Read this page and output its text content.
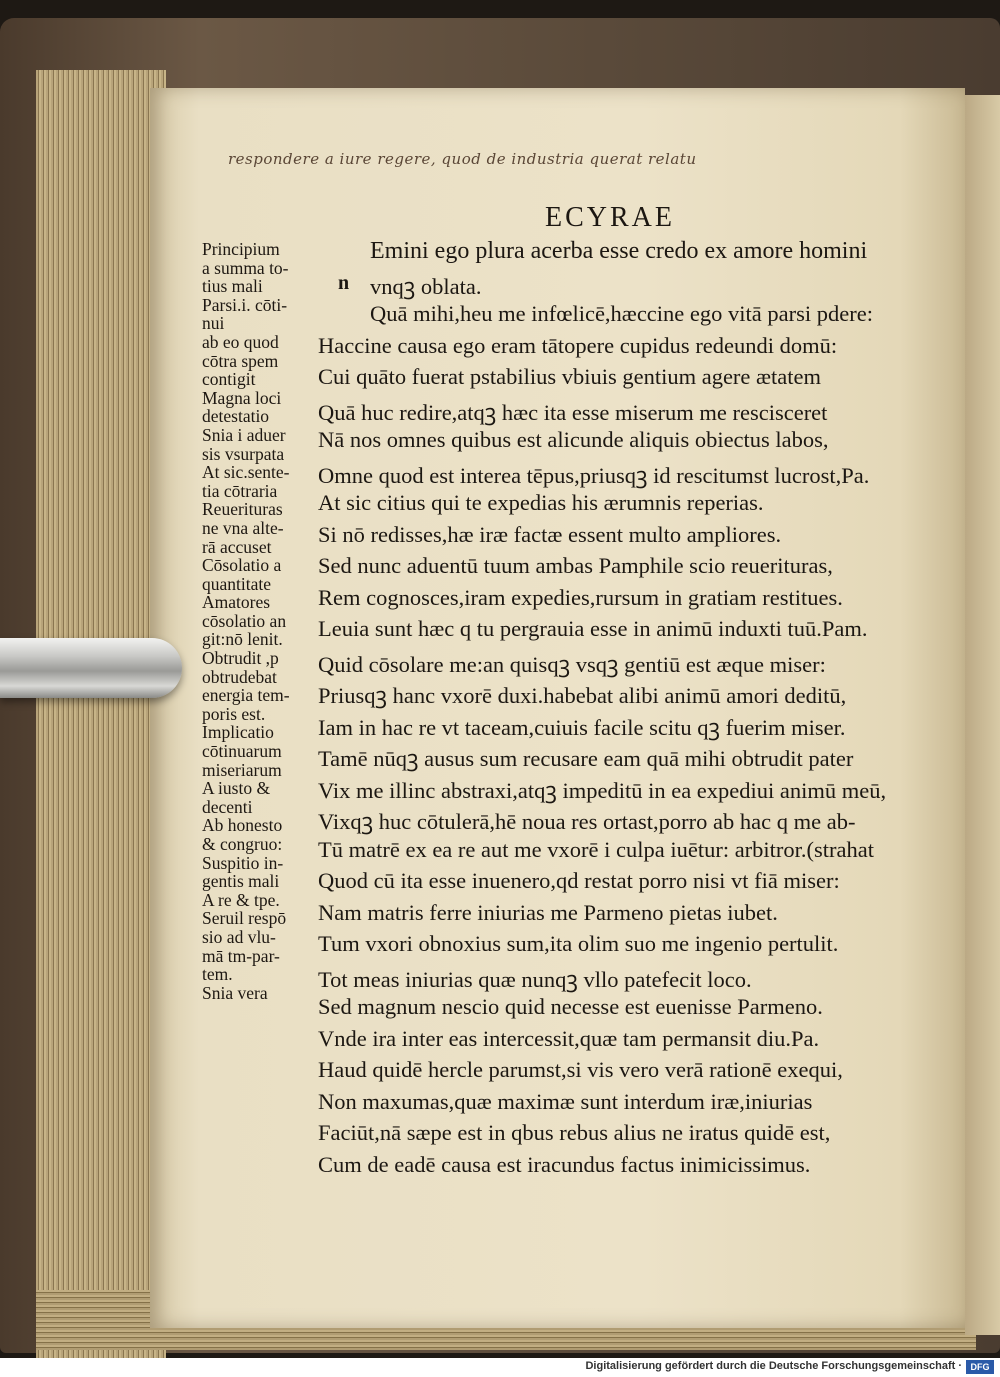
respondere a iure regere, quod de industria querat relatu
ECYRAE
Principium
a summa to-
tius mali
Parsi.i. cōti-
nui
ab eo quod
cōtra spem
contigit
Magna loci
detestatio
Snia i aduer
sis vsurpata
At sic.sente-
tia cōtraria
Reuerituras
ne vna alte-
rā accuset
Cōsolatio a
quantitate
Amatores
cōsolatio an
git:nō lenit.
Obtrudit ,p
obtrudebat
energia tem-
poris est.
Implicatio
cōtinuarum
miseriarum
A iusto &
decenti
Ab honesto
& congruo:
Suspitio in-
gentis mali
A re & tpe.
Seruil respō
sio ad vlu-
mā tm-par-
tem.
Snia vera
n
Emini ego plura acerba esse credo ex amore homini
vnqꝫ oblata.
Quā mihi,heu me infœlicē,hæccine ego vitā parsi pdere:
Haccine causa ego eram tātopere cupidus redeundi domū:
Cui quāto fuerat pstabilius vbiuis gentium agere ætatem
Quā huc redire,atqꝫ hæc ita esse miserum me rescisceret
Nā nos omnes quibus est alicunde aliquis obiectus labos,
Omne quod est interea tēpus,priusqꝫ id rescitumst lucrost,Pa.
At sic citius qui te expedias his ærumnis reperias.
Si nō redisses,hæ iræ factæ essent multo ampliores.
Sed nunc aduentū tuum ambas Pamphile scio reuerituras,
Rem cognosces,iram expedies,rursum in gratiam restitues.
Leuia sunt hæc q tu pergrauia esse in animū induxti tuū.Pam.
Quid cōsolare me:an quisqꝫ vsqꝫ gentiū est æque miser:
Priusqꝫ hanc vxorē duxi.habebat alibi animū amori deditū,
Iam in hac re vt taceam,cuiuis facile scitu qꝫ fuerim miser.
Tamē nūqꝫ ausus sum recusare eam quā mihi obtrudit pater
Vix me illinc abstraxi,atqꝫ impeditū in ea expediui animū meū,
Vixqꝫ huc cōtulerā,hē noua res ortast,porro ab hac q me ab-
Tū matrē ex ea re aut me vxorē i culpa iuētur: arbitror.(strahat
Quod cū ita esse inuenero,qd restat porro nisi vt fiā miser:
Nam matris ferre iniurias me Parmeno pietas iubet.
Tum vxori obnoxius sum,ita olim suo me ingenio pertulit.
Tot meas iniurias quæ nunqꝫ vllo patefecit loco.
Sed magnum nescio quid necesse est euenisse Parmeno.
Vnde ira inter eas intercessit,quæ tam permansit diu.Pa.
Haud quidē hercle parumst,si vis vero verā rationē exequi,
Non maxumas,quæ maximæ sunt interdum iræ,iniurias
Faciūt,nā sæpe est in qbus rebus alius ne iratus quidē est,
Cum de eadē causa est iracundus factus inimicissimus.
Digitalisierung gefördert durch die Deutsche Forschungsgemeinschaft · DFG
